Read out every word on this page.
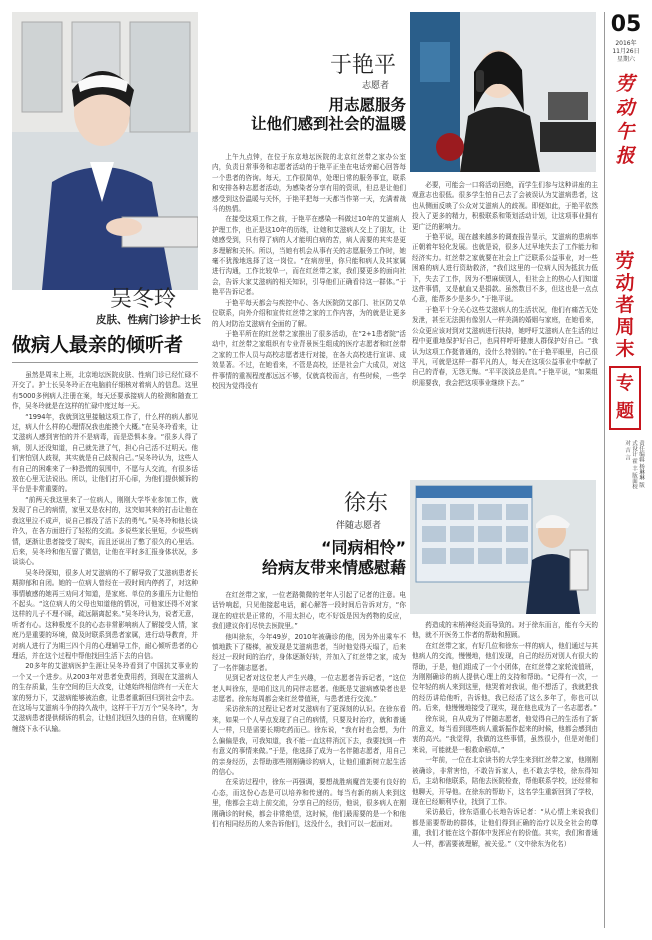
吴冬玲
皮肤、性病门诊护士长
做病人最亲的倾听者

虽然是周末上班，北京地坛医院皮肤、性病门诊已经忙碌不开交了。护士长吴冬玲正在电脑前仔细核对着病人的信息。这里有5000多例病人注册在案，每天还要承接病人的检测和随查工作，吴冬玲就是在这样的忙碌中度过每一天。

“1994年，我就到这里接触这项工作了，什么样的病人都见过，病人什么样的心理情况我也能摸个大概。”在吴冬玲看来，让艾滋病人感到害怕的并不是病毒，而是恐惧本身。“很多人得了病，别人还没知道，自己就先泄了气，担心自己活不过明天。他们害怕别人歧视，其实就是自己歧视自己。”吴冬玲认为，这些人有自己的困难来了一种恐慌的氛围中，不愿与人交流，有很多话放在心里无法说出。所以，让他们打开心扉，为他们提供倾诉的平台是非常重要的。

“前两天我这里来了一位病人，刚刚大学毕业参加工作，就发现了自己的病情，家里又是农村的，这突如其来的打击让他在我这里泣不成声，说自己都没了活下去的勇气。”吴冬玲和他长谈许久，在各方面进行了轻松的交流。多说些家长里短，少说些病情，逐渐让患者接受了现实，而且还说出了憋了很久的心里话。后来，吴冬玲和他互留了微信，让他在平时多汇报身体状况，多谈谈心。

吴冬玲深知，很多人对艾滋病的不了解导致了艾滋病患者长期抑郁和自闭。她的一位病人曾经在一段时间内停药了，对这种事情敏感的她再三劝问才知道，是家庭、单位的多重压力让他怕不起头。“这位病人的父母也知道他的情况，可他家还得不对家这样的儿子不理不睬，疏远隔离起来。”吴冬玲认为，说者无意，听者有心。这种极度不良的心态非常影响病人了解接受人情，家庭乃是重要的环境，做及时联系到患者家属，进行动导教育，并对病人进行了为期三四个月的心理辅导工作，耐心倾听患者的心理话，并在这个过程中帮他找回生活下去的自信。

20多年的艾滋病医护生涯让吴冬玲看到了中国抗艾事业的一个又一个进步。从2003年对患者免费用药，到现在艾滋病人的生存质量，生存空间的巨大改变，让她始终相信终有一天在大家的努力下，艾滋病能够被治愈，让患者重新回归到社会中去。在这场与艾滋病斗争的持久战中，这样干干万万个“吴冬玲”，为艾滋病患者提供倾诉的机会，让他们找回久违的自信，在病魔的缠绕下永不认输。

于艳平
志愿者
用志愿服务
让他们感到社会的温暖

上午九点钟，在位于东京地坛医院的北京红丝带之家办公室内，负责日常事务和志愿者活动的于艳平正坐在电话旁耐心回答每一个患者的咨询。每天，工作很简单，处理日常的服务事宜，联系和安排各种志愿者活动，为感染者分享有用的资讯，但总是让他们感受到这份温暖与关怀，于艳平把每一天都当作第一天，充满着战斗的热情。

在接受这项工作之前，于艳平在感染一科做过10年的艾滋病人护理工作，也正是这10年的历练，让她和艾滋病人交上了朋友，让她感受到，只有得了病的人才能明白病的苦，病人需要的其实是更多理解和关怀。所以，当她有机会从事有关的志愿服务工作时，她毫不犹豫地选择了这一岗位。“在病房里，你只能和病人及其家属进行沟通，工作比较单一，而在红丝带之家，我们要更多的面向社会，告诉大家艾滋病的相关知识，引导他们正确看待这一群体。”于艳平告诉记者。

于艳平每天都会与疾控中心、各大医院防艾部门、社区防艾单位联系，向外介绍和宣传红丝带之家的工作内容，为的就是让更多的人对防治艾滋病有全面的了解。

于艳平所在的红丝带之家推出了很多活动，在“2+1患者院”活动中，红丝带之家组织有专业背景医生组成的医疗志愿者和红丝带之家的工作人员与高校志愿者进行对接，在各大高校进行宣讲、成效显著。不过，在她看来，不管是高校，还是社会广大成员，对这件事情的重视程度都远远不够，仅就高校而言，有些时候，一些学校因为觉得没有

必要，可能会一口将活动回绝，而学生们参与这种讲座的主观意志也很低。很多学生怕自己去了会被误认为艾滋病患者，这也从侧面反映了公众对艾滋病人的歧视。即便如此，于艳平依然投入了更多的精力，积极联系和策划活动计划，让这项事业拥有更广泛的影响力。

于艳平说，现在越来越多的调查报告显示，艾滋病的患病率正朝着年轻化发展。也就是说，很多人过早地失去了工作能力和经济实力。红丝带之家就要在社会上广泛联系公益事业，对一些困难的病人进行资助救济，“我们这里的一位病人因为抵抗力低下，失去了工作，因为不想麻烦别人，但社会上的热心人们知道这件事情，又是献血又是捐款。虽然数目不多，但这也是一点点心意，能帮多少是多少。”于艳平说。

于艳平十分关心这些艾滋病人的生活状况，他们有痛苦无处发泄，甚至无法拥有像别人一样美满的婚姻与家庭，在她看来，公众更应该对到对艾滋病进行扶持，她呼吁艾滋病人在生活的过程中更重地保护好自己，也同样呼吁健康人群保护好自己。“我认为这项工作挺普通的，没什么特别的。”在于艳平眼里，自己很平凡，可就是这样一群平凡的人，每天在这项公益事业中奉献了自己的青春，无怨无悔。“平平淡淡总是真。”于艳平说，“如果组织需要我，我会把这项事业继续下去。”

徐东
伴随志愿者
“同病相怜”
给病友带来情感慰藉

在红丝带之家，一位老路微微的老年人引起了记者的注意。电话铃响起，只见他接起电话，耐心解答一段时间后告诉对方，“你现在的症状是正常的，不用太担心，吃不好饭是因为药物的反应，我们建议你们尽快去医院里。”

他叫徐东，今年49岁，2010年被确诊的他，因为外出乘车不慎地跌下了楼梯，被发现是艾滋病患者，当时他觉得天塌了，后来经过一段时间的治疗，身体逐渐好转，并加入了红丝带之家，成为了一名伴随志愿者。

见到记者对这位老人产生兴趣，一位志愿者告诉记者，“这位老人叫徐东，是咱们这儿的同伴志愿者。他既是艾滋病感染者也是志愿者。徐东每周都会来红丝带值班，与患者进行交流。”

采访徐东的过程让记者对艾滋病有了更深刻的认识。在徐东看来，如果一个人早点发现了自己的病情，只要及时治疗，就和普通人一样，只是需要长期吃药而已。徐东说，“我有时也会想，为什么偏偏是我，可我知道，我不能一直这样消沉下去，我要找到一件有意义的事情来做。”于是，他选择了成为一名伴随志愿者，用自己的亲身经历，去帮助那些刚刚确诊的病人，让他们重新树立起生活的信心。

在采访过程中，徐东一再强调，要想战胜病魔首先要有良好的心态，而这份心态是可以培养和传递的。每当有新的病人来到这里，他都会主动上前交流，分享自己的经历，他说，很多病人在刚刚确诊的时候，都会非常绝望，这时候，他们最需要的是一个和他们有相同经历的人来告诉他们，这没什么，我们可以一起面对。

药造成的末梢神经炎而导致的。对于徐东而言，能有今天的他，就不开医务工作者的帮助和照顾。

在红丝带之家，有好几位和徐东一样的病人，他们通过与其他病人的交流，慢慢地，他们发现，自己的经历对别人有很大的帮助，于是，他们组成了一个小团体，在红丝带之家轮流值班，为刚刚确诊的病人提供心理上的支持和帮助。“记得有一次，一位年轻的病人来到这里，他哭着对我说，他不想活了，我就把我的经历讲给他听，告诉他，我已经活了这么多年了，你也可以的。后来，他慢慢地接受了现实，现在他也成为了一名志愿者。”

徐东说，自从成为了伴随志愿者，他觉得自己的生活有了新的意义，每当看到那些病人重新振作起来的时候，他都会感到由衷的高兴。“我觉得，我做的这些事情，虽然很小，但是对他们来说，可能就是一根救命稻草。”

一年前，一位在北京读书的大学生来到红丝带之家，他刚刚被确诊，非常害怕，不敢告诉家人，也不敢去学校，徐东得知后，主动和他联系，陪他去医院检查，帮他联系学校，还经常和他聊天，开导他。在徐东的帮助下，这名学生重新回到了学校，现在已经顺利毕业，找到了工作。

采访最后，徐东语重心长地告诉记者：“从心情上来说我们都是需要帮助的群体，让他们得到正确的治疗以及全社会的尊重，我们才能在这个群体中发挥应有的价值。其实，我们和普通人一样，都需要被理解，被关爱。”（文中徐东为化名）

05
2016年
11月26日
星期六
劳动午报
劳动者周末
专题
责任编辑 杨琳琳 版式设计 霍 丰 版面校对 吉 言
